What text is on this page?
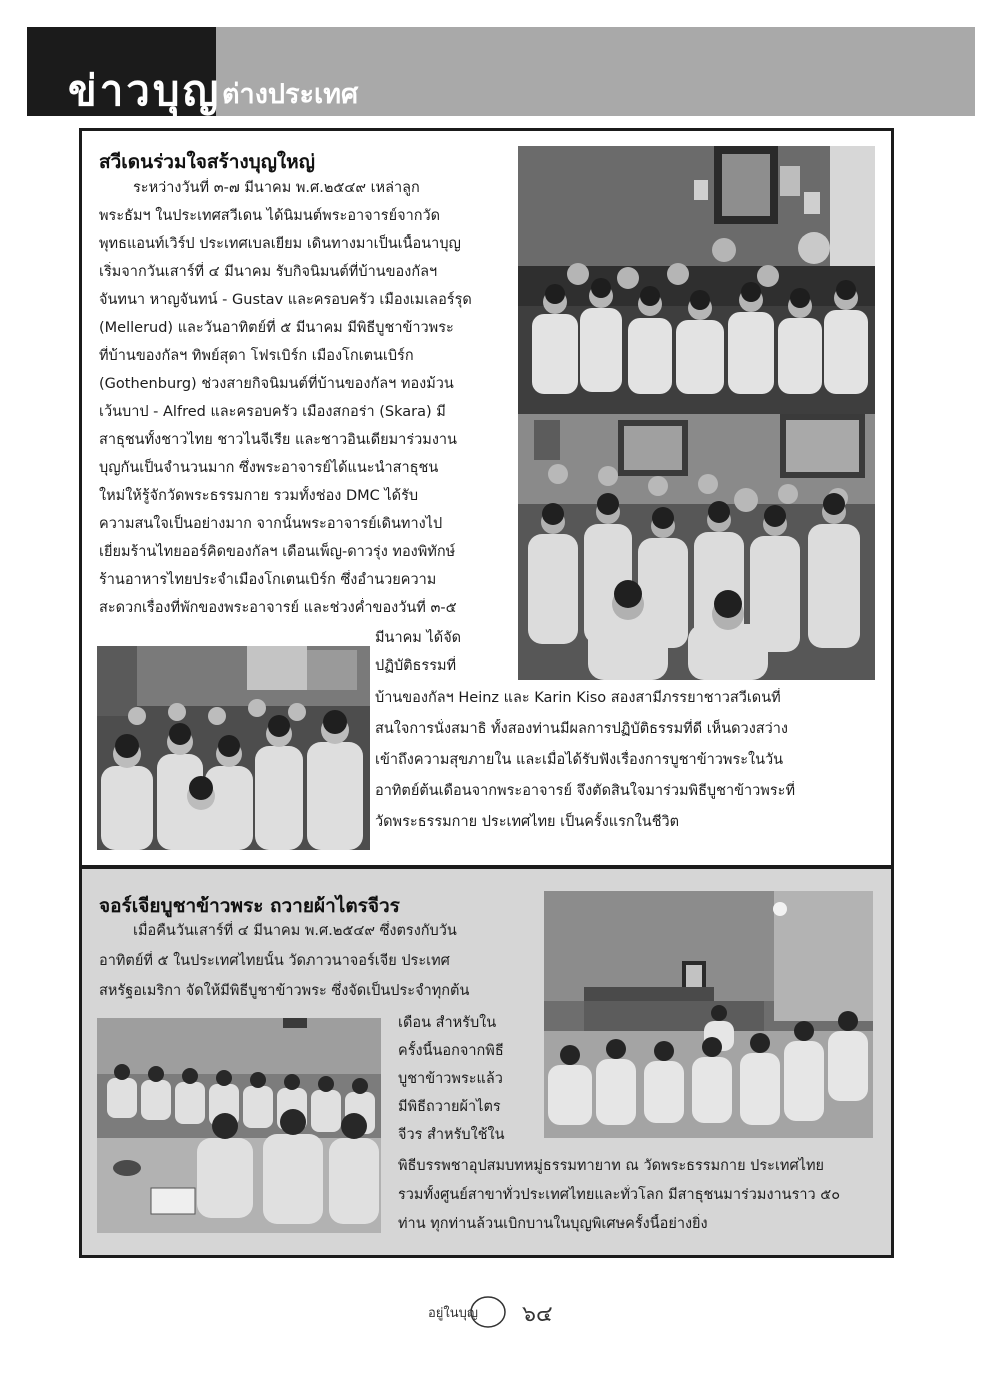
ข่าวบุญ ต่างประเทศ
สวีเดนร่วมใจสร้างบุญใหญ่
ระหว่างวันที่ ๓-๗ มีนาคม พ.ศ.๒๕๔๙ เหล่าลูก
พระธัมฯ ในประเทศสวีเดน ได้นิมนต์พระอาจารย์จากวัด
พุทธแอนท์เวิร์ป ประเทศเบลเยียม เดินทางมาเป็นเนื้อนาบุญ
เริ่มจากวันเสาร์ที่ ๔ มีนาคม รับกิจนิมนต์ที่บ้านของกัลฯ
จันทนา หาญจันทน์ - Gustav และครอบครัว เมืองเมเลอร์รุด
(Mellerud) และวันอาทิตย์ที่ ๕ มีนาคม มีพิธีบูชาข้าวพระ
ที่บ้านของกัลฯ ทิพย์สุดา โฟรเบิร์ก เมืองโกเตนเบิร์ก
(Gothenburg) ช่วงสายกิจนิมนต์ที่บ้านของกัลฯ ทองม้วน
เว้นบาป - Alfred และครอบครัว เมืองสกอร่า (Skara) มี
สาธุชนทั้งชาวไทย ชาวไนจีเรีย และชาวอินเดียมาร่วมงาน
บุญกันเป็นจำนวนมาก ซึ่งพระอาจารย์ได้แนะนำสาธุชน
ใหม่ให้รู้จักวัดพระธรรมกาย รวมทั้งช่อง DMC ได้รับ
ความสนใจเป็นอย่างมาก จากนั้นพระอาจารย์เดินทางไป
เยี่ยมร้านไทยออร์คิดของกัลฯ เดือนเพ็ญ-ดาวรุ่ง ทองพิทักษ์
ร้านอาหารไทยประจำเมืองโกเตนเบิร์ก ซึ่งอำนวยความ
สะดวกเรื่องที่พักของพระอาจารย์ และช่วงค่ำของวันที่ ๓-๕
มีนาคม ได้จัด
ปฏิบัติธรรมที่
บ้านของกัลฯ Heinz และ Karin Kiso สองสามีภรรยาชาวสวีเดนที่
สนใจการนั่งสมาธิ ทั้งสองท่านมีผลการปฏิบัติธรรมที่ดี เห็นดวงสว่าง
เข้าถึงความสุขภายใน และเมื่อได้รับฟังเรื่องการบูชาข้าวพระในวัน
อาทิตย์ต้นเดือนจากพระอาจารย์ จึงตัดสินใจมาร่วมพิธีบูชาข้าวพระที่
วัดพระธรรมกาย ประเทศไทย เป็นครั้งแรกในชีวิต
จอร์เจียบูชาข้าวพระ ถวายผ้าไตรจีวร
เมื่อคืนวันเสาร์ที่ ๔ มีนาคม พ.ศ.๒๕๔๙ ซึ่งตรงกับวัน
อาทิตย์ที่ ๕ ในประเทศไทยนั้น วัดภาวนาจอร์เจีย ประเทศ
สหรัฐอเมริกา จัดให้มีพิธีบูชาข้าวพระ ซึ่งจัดเป็นประจำทุกต้น
เดือน สำหรับใน
ครั้งนี้นอกจากพิธี
บูชาข้าวพระแล้ว
มีพิธีถวายผ้าไตร
จีวร สำหรับใช้ใน
พิธีบรรพชาอุปสมบทหมู่ธรรมทายาท ณ วัดพระธรรมกาย ประเทศไทย
รวมทั้งศูนย์สาขาทั่วประเทศไทยและทั่วโลก มีสาธุชนมาร่วมงานราว ๕๐
ท่าน ทุกท่านล้วนเบิกบานในบุญพิเศษครั้งนี้อย่างยิ่ง
อยู่ในบุญ ๖๔
